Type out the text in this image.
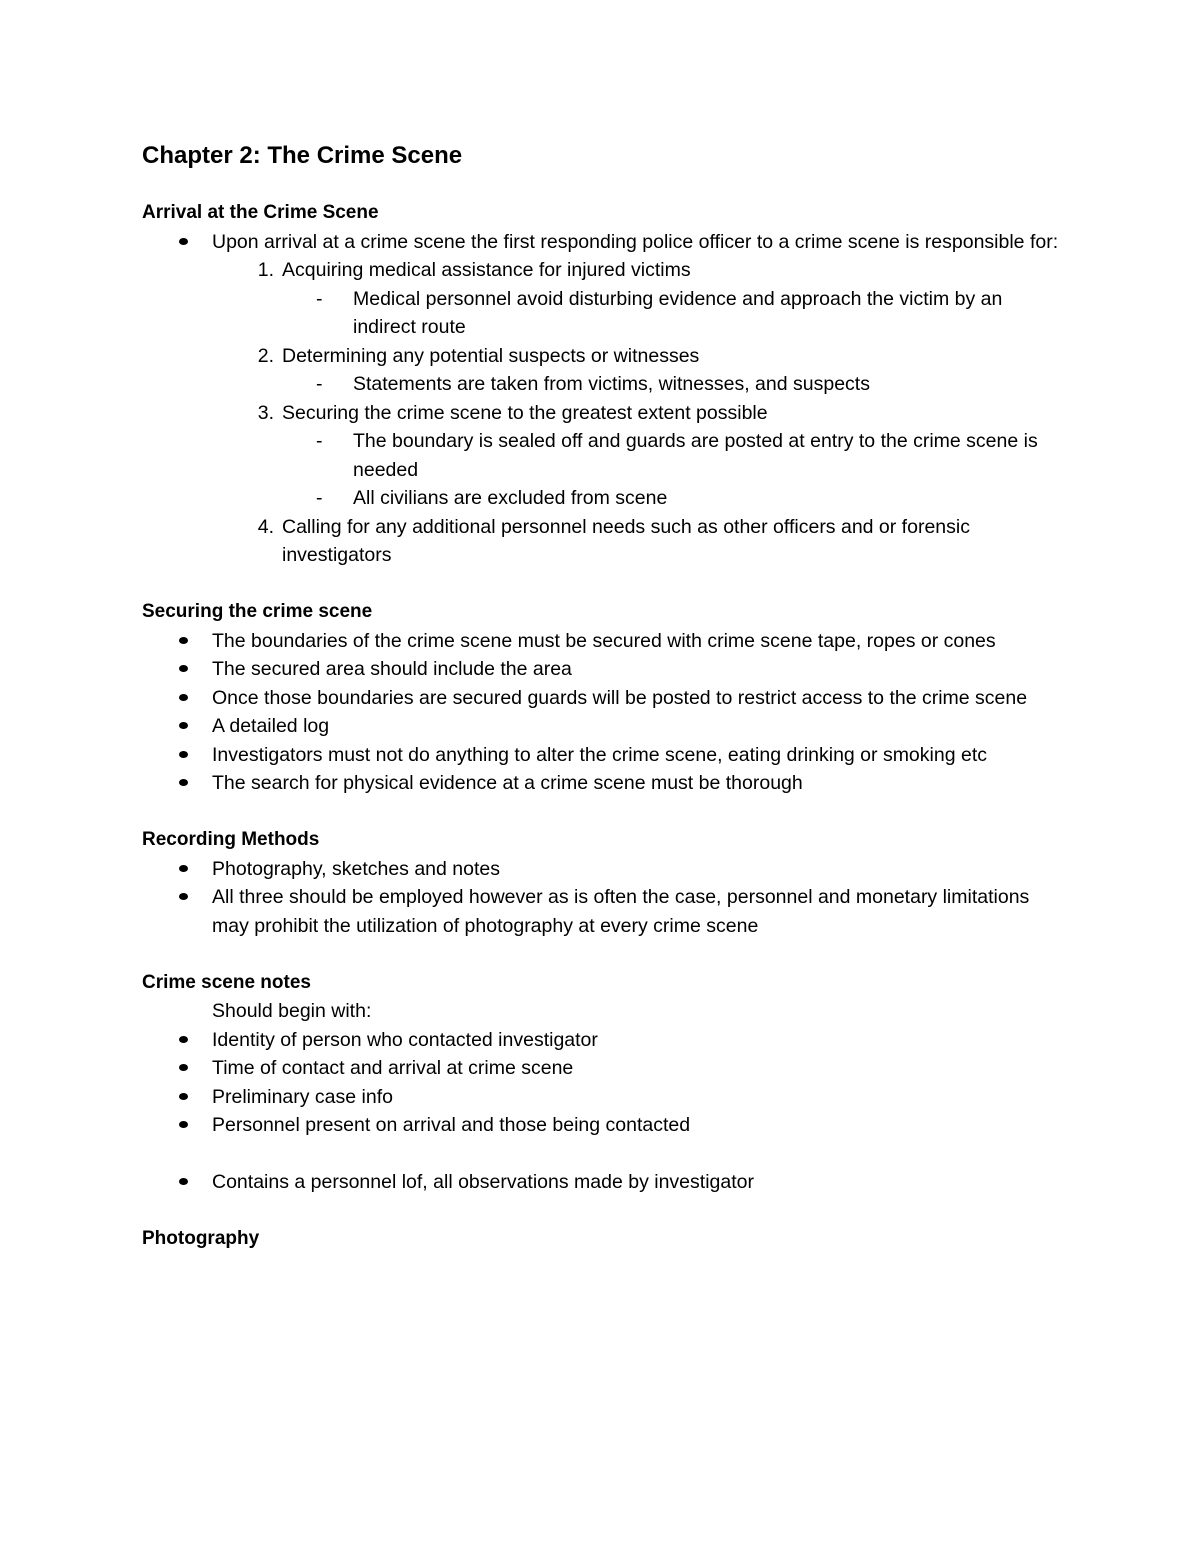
Chapter 2: The Crime Scene
Arrival at the Crime Scene
Upon arrival at a crime scene the first responding police officer to a crime scene is responsible for:
1. Acquiring medical assistance for injured victims
- Medical personnel avoid disturbing evidence and approach the victim by an indirect route
2. Determining any potential suspects or witnesses
- Statements are taken from victims, witnesses, and suspects
3. Securing the crime scene to the greatest extent possible
- The boundary is sealed off and guards are posted at entry to the crime scene is needed
- All civilians are excluded from scene
4. Calling for any additional personnel needs such as other officers and or forensic investigators
Securing the crime scene
The boundaries of the crime scene must be secured with crime scene tape, ropes or cones
The secured area should include the area
Once those boundaries are secured guards will be posted to restrict access to the crime scene
A detailed log
Investigators must not do anything to alter the crime scene, eating drinking or smoking etc
The search for physical evidence at a crime scene must be thorough
Recording Methods
Photography, sketches and notes
All three should be employed however as is often the case, personnel and monetary limitations may prohibit the utilization of photography at every crime scene
Crime scene notes
Should begin with:
Identity of person who contacted investigator
Time of contact and arrival at crime scene
Preliminary case info
Personnel present on arrival and those being contacted
Contains a personnel lof, all observations made by investigator
Photography
